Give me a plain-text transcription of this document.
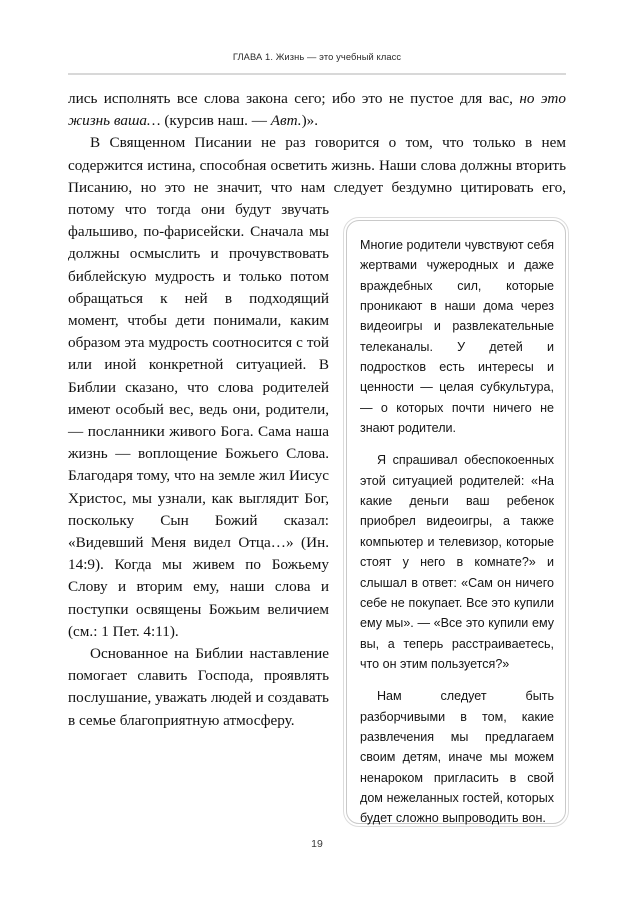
ГЛАВА 1. Жизнь — это учебный класс

Многие родители чувствуют себя жертвами чужеродных и даже враждебных сил, которые проникают в наши дома через видеоигры и развлекательные телеканалы. У детей и подростков есть интересы и ценности — целая субкультура, — о которых почти ничего не знают родители.

Я спрашивал обеспокоенных этой ситуацией родителей: «На какие деньги ваш ребенок приобрел видеоигры, а также компьютер и телевизор, которые стоят у него в комнате?» и слышал в ответ: «Сам он ничего себе не покупает. Все это купили ему мы». — «Все это купили ему вы, а теперь расстраиваетесь, что он этим пользуется?»

Нам следует быть разборчивыми в том, какие развлечения мы предлагаем своим детям, иначе мы можем ненароком пригласить в свой дом нежеланных гостей, которых будет сложно выпроводить вон.

лись исполнять все слова закона сего; ибо это не пустое для вас, но это жизнь ваша… (курсив наш. — Авт.)».

В Священном Писании не раз говорится о том, что только в нем содержится истина, способная осветить жизнь. Наши слова должны вторить Писанию, но это не значит, что нам следует бездумно цитировать его, потому что тогда они будут звучать фальшиво, по-фарисейски. Сначала мы должны осмыслить и прочувствовать библейскую мудрость и только потом обращаться к ней в подходящий момент, чтобы дети понимали, каким образом эта мудрость соотносится с той или иной конкретной ситуацией. В Библии сказано, что слова родителей имеют особый вес, ведь они, родители, — посланники живого Бога. Сама наша жизнь — воплощение Божьего Слова. Благодаря тому, что на земле жил Иисус Христос, мы узнали, как выглядит Бог, поскольку Сын Божий сказал: «Видевший Меня видел Отца…» (Ин. 14:9). Когда мы живем по Божьему Слову и вторим ему, наши слова и поступки освящены Божьим величием (см.: 1 Пет. 4:11).

Основанное на Библии наставление помогает славить Господа, проявлять послушание, уважать людей и создавать в семье благоприятную атмосферу.

19
